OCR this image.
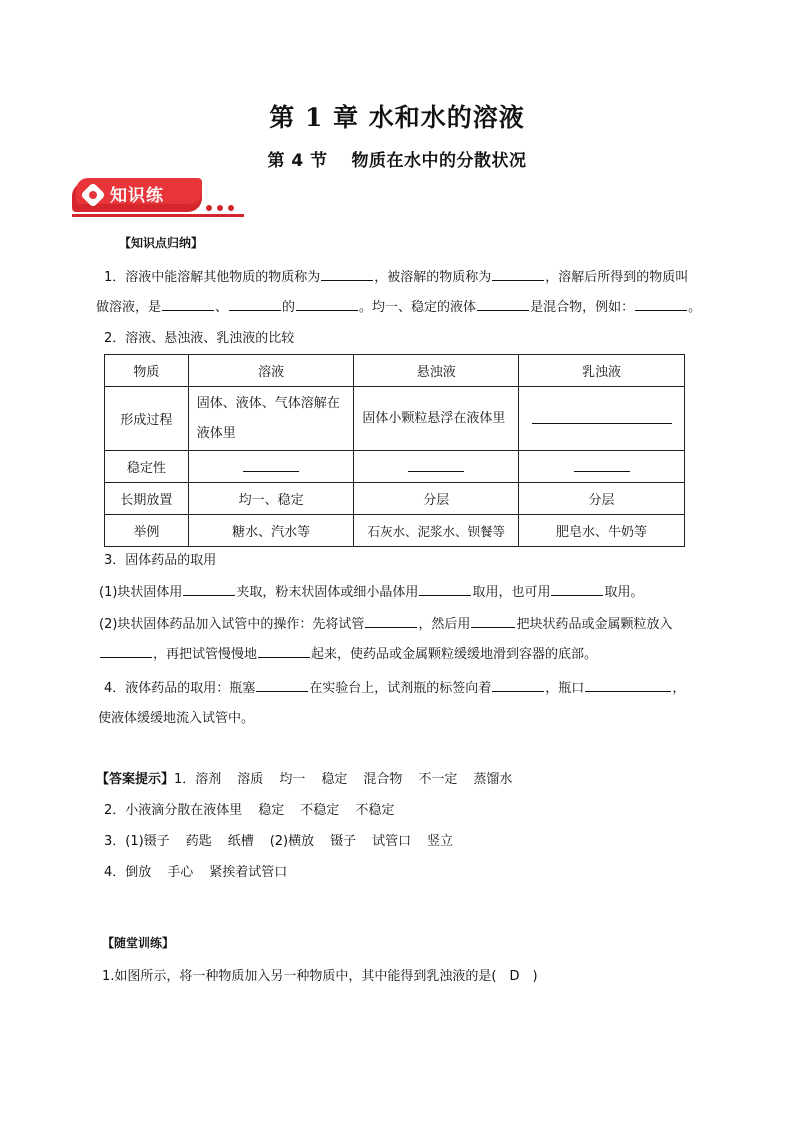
第 1 章 水和水的溶液
第 4 节　 物质在水中的分散状况
知识练
【知识点归纳】
1．溶液中能溶解其他物质的物质称为	，被溶解的物质称为	，溶解后所得到的物质叫
做溶液，是	、	的	。均一、稳定的液体	是混合物，例如：	。
2．溶液、悬浊液、乳浊液的比较
物质	溶液	悬浊液	乳浊液
形成过程	固体、液体、气体溶解在液体里	固体小颗粒悬浮在液体里	
稳定性			
长期放置	均一、稳定	分层	分层
举例	糖水、汽水等	石灰水、泥浆水、钡餐等	肥皂水、牛奶等
3．固体药品的取用
(1)块状固体用	夹取，粉末状固体或细小晶体用	取用，也可用	取用。
(2)块状固体药品加入试管中的操作：先将试管	，然后用	把块状药品或金属颗粒放入
，再把试管慢慢地	起来，使药品或金属颗粒缓缓地滑到容器的底部。
4．液体药品的取用：瓶塞	在实验台上，试剂瓶的标签向着	，瓶口	，
使液体缓缓地流入试管中。
【答案提示】1．溶剂 溶质 均一 稳定 混合物 不一定 蒸馏水
2．小液滴分散在液体里 稳定 不稳定 不稳定
3．(1)镊子 药匙 纸槽 (2)横放 镊子 试管口 竖立
4．倒放 手心 紧挨着试管口
【随堂训练】
1.如图所示，将一种物质加入另一种物质中，其中能得到乳浊液的是( D )
